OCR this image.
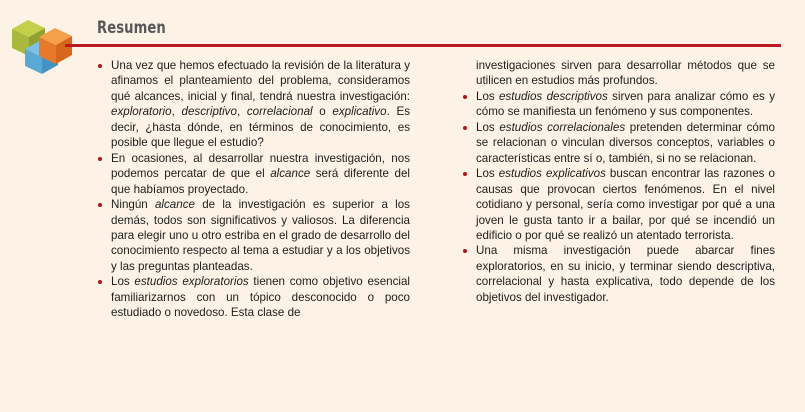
Resumen
Una vez que hemos efectuado la revisión de la literatura y afinamos el planteamiento del problema, consideramos qué alcances, inicial y final, tendrá nuestra investigación: exploratorio, descriptivo, correlacional o explicativo. Es decir, ¿hasta dónde, en términos de conocimiento, es posible que llegue el estudio?
En ocasiones, al desarrollar nuestra investigación, nos podemos percatar de que el alcance será diferente del que habíamos proyectado.
Ningún alcance de la investigación es superior a los demás, todos son significativos y valiosos. La diferencia para elegir uno u otro estriba en el grado de desarrollo del conocimiento respecto al tema a estudiar y a los objetivos y las preguntas planteadas.
Los estudios exploratorios tienen como objetivo esencial familiarizarnos con un tópico desconocido o poco estudiado o novedoso. Esta clase de
investigaciones sirven para desarrollar métodos que se utilicen en estudios más profundos.
Los estudios descriptivos sirven para analizar cómo es y cómo se manifiesta un fenómeno y sus componentes.
Los estudios correlacionales pretenden determinar cómo se relacionan o vinculan diversos conceptos, variables o características entre sí o, también, si no se relacionan.
Los estudios explicativos buscan encontrar las razones o causas que provocan ciertos fenómenos. En el nivel cotidiano y personal, sería como investigar por qué a una joven le gusta tanto ir a bailar, por qué se incendió un edificio o por qué se realizó un atentado terrorista.
Una misma investigación puede abarcar fines exploratorios, en su inicio, y terminar siendo descriptiva, correlacional y hasta explicativa, todo depende de los objetivos del investigador.
